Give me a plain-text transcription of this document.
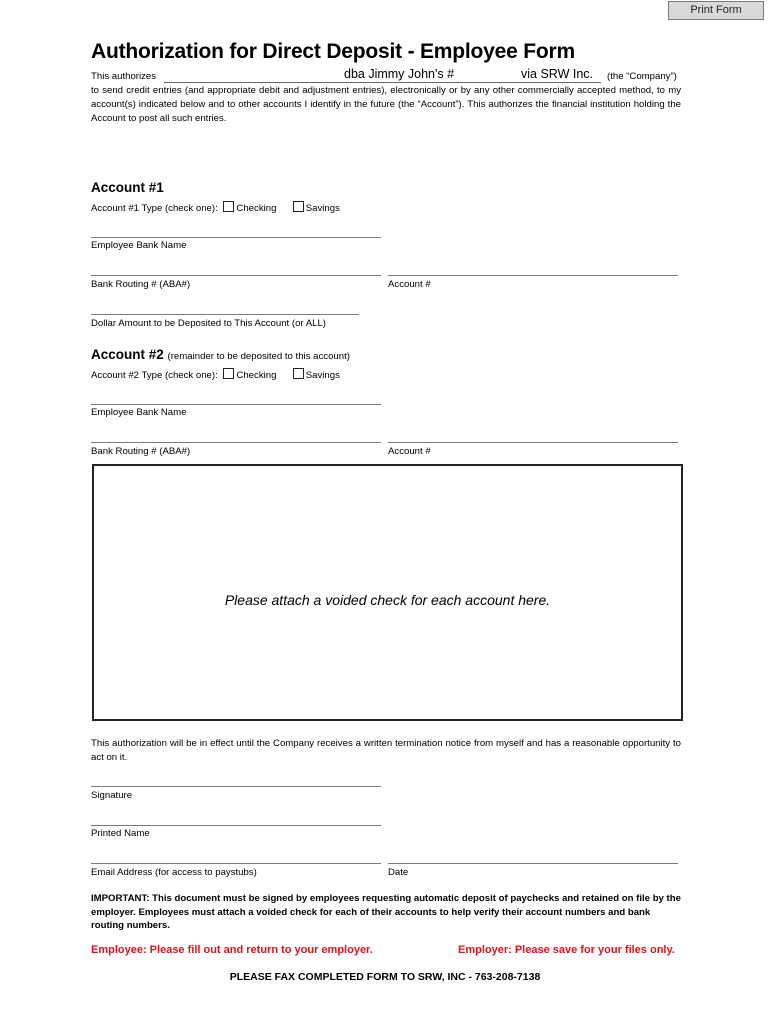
Print Form
Authorization for Direct Deposit - Employee Form
This authorizes	dba Jimmy John's #	via SRW Inc. (the “Company”)
to send credit entries (and appropriate debit and adjustment entries), electronically or by any other commercially accepted method, to my account(s) indicated below and to other accounts I identify in the future (the “Account”). This authorizes the financial institution holding the Account to post all such entries.
Account #1
Account #1 Type (check one): Checking	Savings
Employee Bank Name
Bank Routing # (ABA#)	Account #
Dollar Amount to be Deposited to This Account (or ALL)
Account #2 (remainder to be deposited to this account)
Account #2 Type (check one): Checking	Savings
Employee Bank Name
Bank Routing # (ABA#)	Account #
Please attach a voided check for each account here.
This authorization will be in effect until the Company receives a written termination notice from myself and has a reasonable opportunity to act on it.
Signature
Printed Name
Email Address (for access to paystubs)	Date
IMPORTANT: This document must be signed by employees requesting automatic deposit of paychecks and retained on file by the employer. Employees must attach a voided check for each of their accounts to help verify their account numbers and bank routing numbers.
Employee: Please fill out and return to your employer.	Employer: Please save for your files only.
PLEASE FAX COMPLETED FORM TO SRW, INC - 763-208-7138
